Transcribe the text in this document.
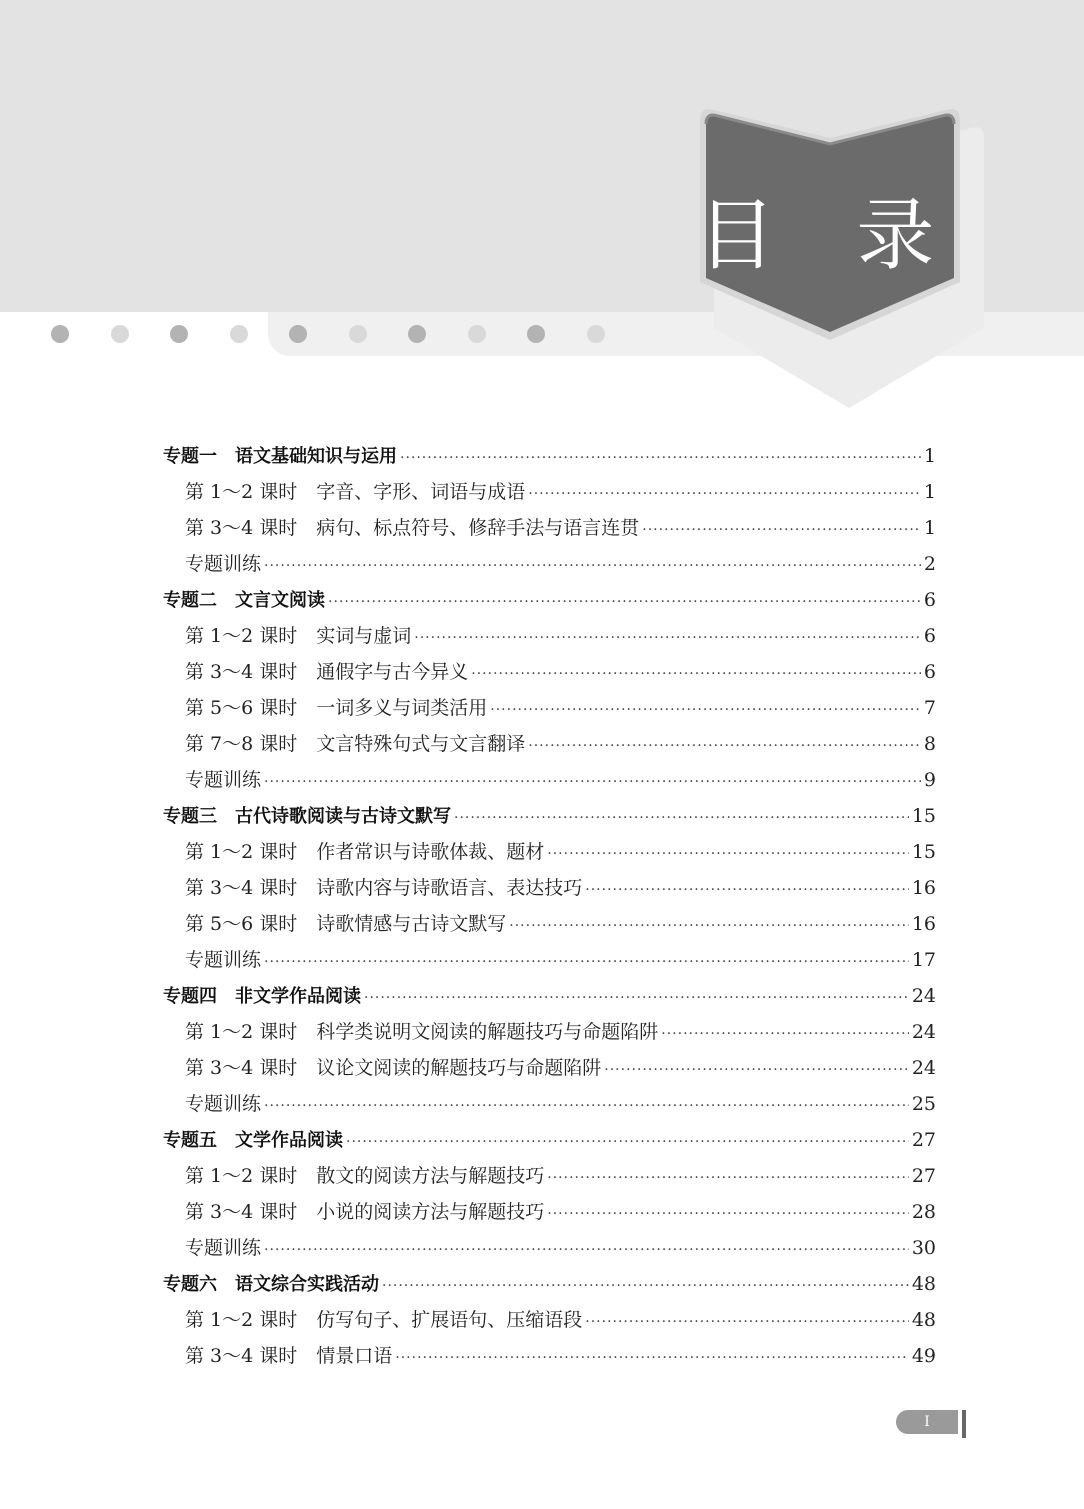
目 录
专题一　语文基础知识与运用 ·····	1
第 1～2 课时　字音、字形、词语与成语 ·····	1
第 3～4 课时　病句、标点符号、修辞手法与语言连贯 ·····	1
专题训练 ·····	2
专题二　文言文阅读 ·····	6
第 1～2 课时　实词与虚词 ·····	6
第 3～4 课时　通假字与古今异义 ·····	6
第 5～6 课时　一词多义与词类活用 ·····	7
第 7～8 课时　文言特殊句式与文言翻译 ·····	8
专题训练 ·····	9
专题三　古代诗歌阅读与古诗文默写 ·····	15
第 1～2 课时　作者常识与诗歌体裁、题材 ·····	15
第 3～4 课时　诗歌内容与诗歌语言、表达技巧 ·····	16
第 5～6 课时　诗歌情感与古诗文默写 ·····	16
专题训练 ·····	17
专题四　非文学作品阅读 ·····	24
第 1～2 课时　科学类说明文阅读的解题技巧与命题陷阱 ·····	24
第 3～4 课时　议论文阅读的解题技巧与命题陷阱 ·····	24
专题训练 ·····	25
专题五　文学作品阅读 ·····	27
第 1～2 课时　散文的阅读方法与解题技巧 ·····	27
第 3～4 课时　小说的阅读方法与解题技巧 ·····	28
专题训练 ·····	30
专题六　语文综合实践活动 ·····	48
第 1～2 课时　仿写句子、扩展语句、压缩语段 ·····	48
第 3～4 课时　情景口语 ·····	49
Ⅰ
